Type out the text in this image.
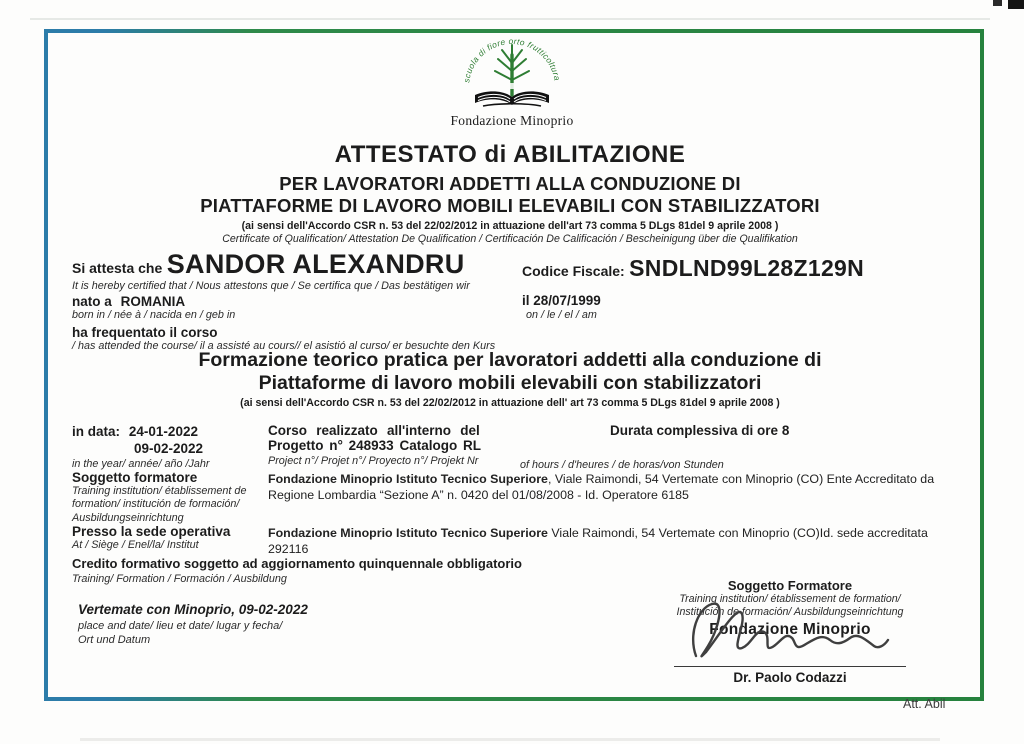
scuola di fiore orto frutticoltura
Fondazione Minoprio
ATTESTATO di ABILITAZIONE
PER LAVORATORI ADDETTI ALLA CONDUZIONE DI
PIATTAFORME DI LAVORO MOBILI ELEVABILI CON STABILIZZATORI
(ai sensi dell'Accordo CSR n. 53 del 22/02/2012 in attuazione dell'art 73 comma 5 DLgs 81del 9 aprile 2008 )
Certificate of Qualification/ Attestation De Qualification / Certificación De Calificación / Bescheinigung über die Qualifikation
Si attesta che SANDOR ALEXANDRU	Codice Fiscale: SNDLND99L28Z129N
It is hereby certified that / Nous attestons que / Se certifica que / Das bestätigen wir
nato a ROMANIA	il 28/07/1999
born in / née à / nacida en / geb in	on / le / el / am
ha frequentato il corso
/ has attended the course/ il a assisté au cours// el asistió al curso/ er besuchte den Kurs
Formazione teorico pratica per lavoratori addetti alla conduzione di
Piattaforme di lavoro mobili elevabili con stabilizzatori
(ai sensi dell'Accordo CSR n. 53 del 22/02/2012 in attuazione dell' art 73 comma 5 DLgs 81del 9 aprile 2008 )
in data: 24-01-2022
09-02-2022
in the year/ année/ año /Jahr
Corso realizzato all'interno del
Progetto n° 248933 Catalogo RL
Project n°/ Projet n°/ Proyecto n°/ Projekt Nr
Durata complessiva di ore 8
of hours / d'heures / de horas/von Stunden
Soggetto formatore
Training institution/ établissement de formation/ institución de formación/ Ausbildungseinrichtung
Fondazione Minoprio Istituto Tecnico Superiore, Viale Raimondi, 54 Vertemate con Minoprio (CO) Ente Accreditato da Regione Lombardia “Sezione A” n. 0420 del 01/08/2008 - Id. Operatore 6185
Presso la sede operativa
At / Siège / Enel/la/ Institut
Fondazione Minoprio Istituto Tecnico Superiore Viale Raimondi, 54 Vertemate con Minoprio (CO)Id. sede accreditata 292116
Credito formativo soggetto ad aggiornamento quinquennale obbligatorio
Training/ Formation / Formación / Ausbildung
Vertemate con Minoprio, 09-02-2022
place and date/ lieu et date/ lugar y fecha/
Ort und Datum
Soggetto Formatore
Training institution/ établissement de formation/
Institución de formación/ Ausbildungseinrichtung
Fondazione Minoprio
Dr. Paolo Codazzi
Att. Abil
